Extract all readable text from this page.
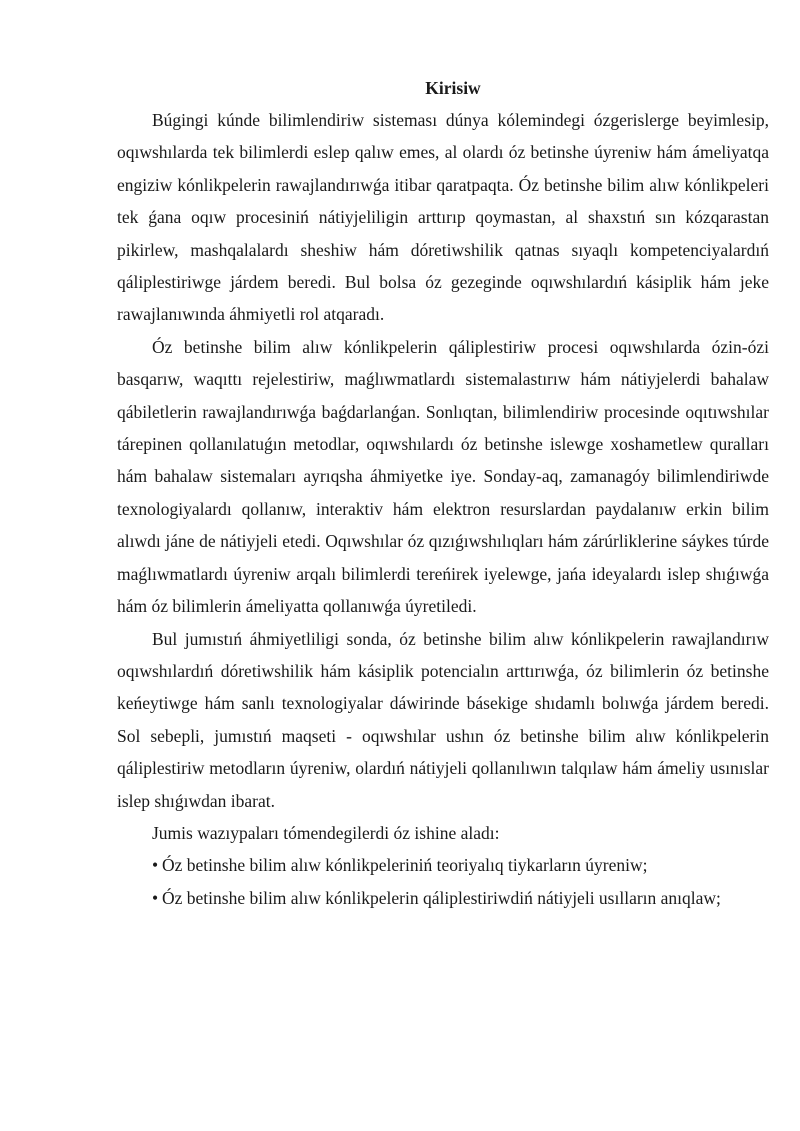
Kirisiw

Búgingi kúnde bilimlendiriw sisteması dúnya kólemindegi ózgerislerge beyimlesip, oqıwshılarda tek bilimlerdi eslep qalıw emes, al olardı óz betinshe úyreniw hám ámeliyatqa engiziw kónlikpelerin rawajlandırıwǵa itibar qaratpaqta. Óz betinshe bilim alıw kónlikpeleri tek ǵana oqıw procesiniń nátiyjeliligin arttırıp qoymastan, al shaxstıń sın kózqarastan pikirlew, mashqalalardı sheshiw hám dóretiwshilik qatnas sıyaqlı kompetenciyalardıń qáliplestiriwge járdem beredi. Bul bolsa óz gezeginde oqıwshılardıń kásiplik hám jeke rawajlanıwında áhmiyetli rol atqaradı.

Óz betinshe bilim alıw kónlikpelerin qáliplestiriw procesi oqıwshılarda ózin-ózi basqarıw, waqıttı rejelestiriw, maǵlıwmatlardı sistemalastırıw hám nátiyjelerdi bahalaw qábiletlerin rawajlandırıwǵa baǵdarlanǵan. Sonlıqtan, bilimlendiriw procesinde oqıtıwshılar tárepinen qollanılatuǵın metodlar, oqıwshılardı óz betinshe islewge xoshametlew quralları hám bahalaw sistemaları ayrıqsha áhmiyetke iye. Sonday-aq, zamanagóy bilimlendiriwde texnologiyalardı qollanıw, interaktiv hám elektron resurslardan paydalanıw erkin bilim alıwdı jáne de nátiyjeli etedi. Oqıwshılar óz qızıǵıwshılıqları hám zárúrliklerine sáykes túrde maǵlıwmatlardı úyreniw arqalı bilimlerdi tereńirek iyelewge, jańa ideyalardı islep shıǵıwǵa hám óz bilimlerin ámeliyatta qollanıwǵa úyretiledi.

Bul jumıstıń áhmiyetliligi sonda, óz betinshe bilim alıw kónlikpelerin rawajlandırıw oqıwshılardıń dóretiwshilik hám kásiplik potencialın arttırıwǵa, óz bilimlerin óz betinshe keńeytiwge hám sanlı texnologiyalar dáwirinde básekige shıdamlı bolıwǵa járdem beredi. Sol sebepli, jumıstıń maqseti - oqıwshılar ushın óz betinshe bilim alıw kónlikpelerin qáliplestiriw metodların úyreniw, olardıń nátiyjeli qollanılıwın talqılaw hám ámeliy usınıslar islep shıǵıwdan ibarat.

Jumis wazıypaları tómendegilerdi óz ishine aladı:

• Óz betinshe bilim alıw kónlikpeleriniń teoriyalıq tiykarların úyreniw;

• Óz betinshe bilim alıw kónlikpelerin qáliplestiriwdiń nátiyjeli usılların anıqlaw;
